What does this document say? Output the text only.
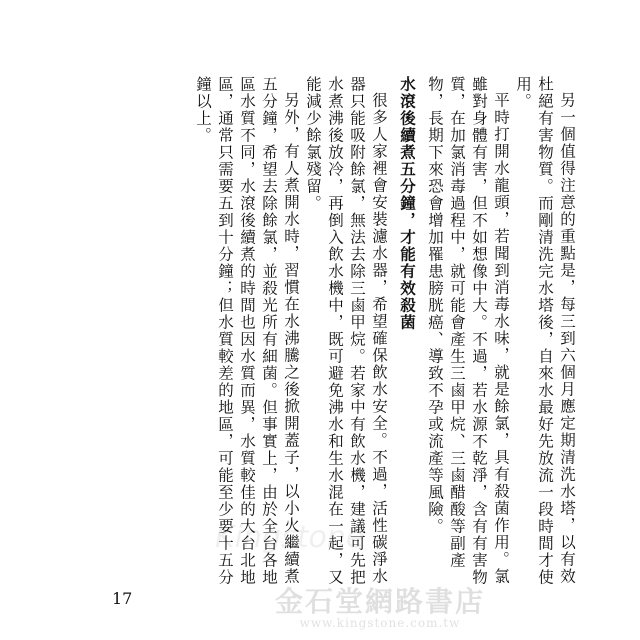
另一個值得注意的重點是，每三到六個月應定期清洗水塔，以有效杜絕有害物質。而剛清洗完水塔後，自來水最好先放流一段時間才使用。

平時打開水龍頭，若聞到消毒水味，就是餘氯，具有殺菌作用。氯雖對身體有害，但不如想像中大。不過，若水源不乾淨，含有有害物質，在加氯消毒過程中，就可能會產生三鹵甲烷、三鹵醋酸等副產物，長期下來恐會增加罹患膀胱癌、導致不孕或流產等風險。

水滾後續煮五分鐘，才能有效殺菌

很多人家裡會安裝濾水器，希望確保飲水安全。不過，活性碳淨水器只能吸附餘氯，無法去除三鹵甲烷。若家中有飲水機，建議可先把水煮沸後放冷，再倒入飲水機中，既可避免沸水和生水混在一起，又能減少餘氯殘留。

另外，有人煮開水時，習慣在水沸騰之後掀開蓋子，以小火繼續煮五分鐘，希望去除餘氯，並殺光所有細菌。但事實上，由於全台各地區水質不同，水滾後續煮的時間也因水質而異，水質較佳的大台北地區，通常只需要五到十分鐘；但水質較差的地區，可能至少要十五分鐘以上。

Kingstone
金石堂網路書店
www.kingstone.com.tw
17
